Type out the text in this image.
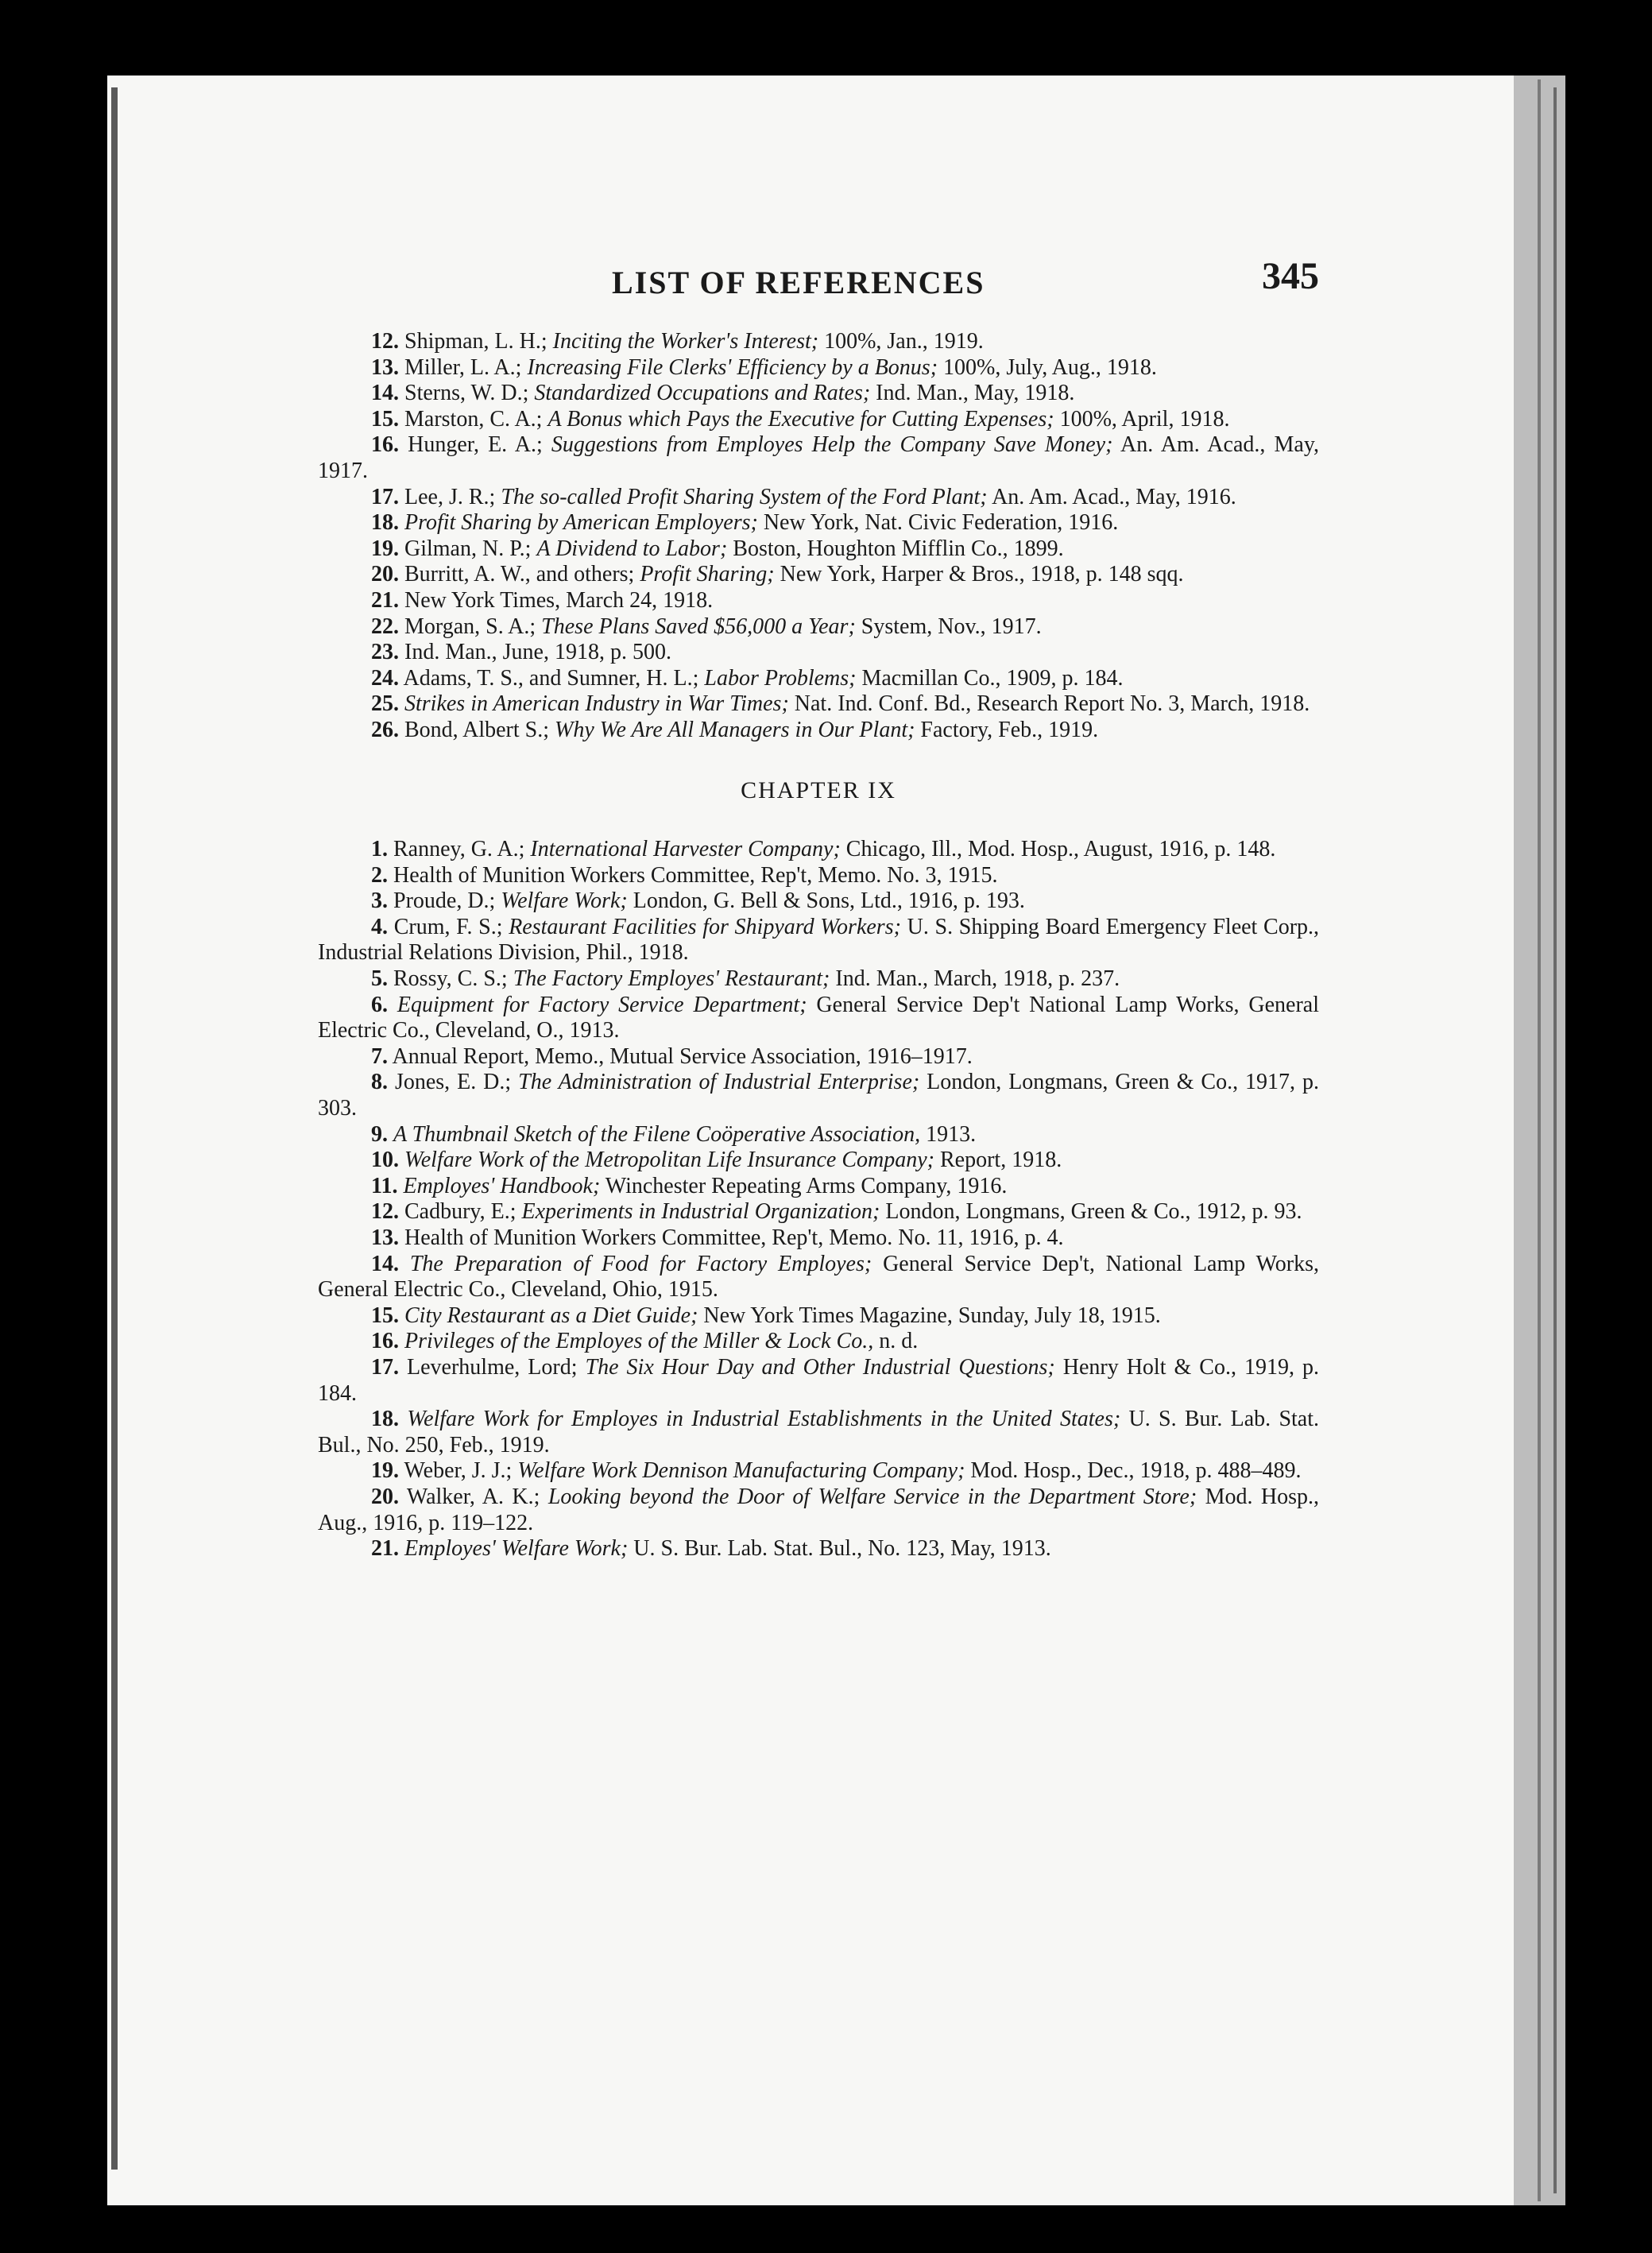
LIST OF REFERENCES	345

12. Shipman, L. H.; Inciting the Worker's Interest; 100%, Jan., 1919.

13. Miller, L. A.; Increasing File Clerks' Efficiency by a Bonus; 100%, July, Aug., 1918.

14. Sterns, W. D.; Standardized Occupations and Rates; Ind. Man., May, 1918.

15. Marston, C. A.; A Bonus which Pays the Executive for Cutting Expenses; 100%, April, 1918.

16. Hunger, E. A.; Suggestions from Employes Help the Company Save Money; An. Am. Acad., May, 1917.

17. Lee, J. R.; The so-called Profit Sharing System of the Ford Plant; An. Am. Acad., May, 1916.

18. Profit Sharing by American Employers; New York, Nat. Civic Federation, 1916.

19. Gilman, N. P.; A Dividend to Labor; Boston, Houghton Mifflin Co., 1899.

20. Burritt, A. W., and others; Profit Sharing; New York, Harper & Bros., 1918, p. 148 sqq.

21. New York Times, March 24, 1918.

22. Morgan, S. A.; These Plans Saved $56,000 a Year; System, Nov., 1917.

23. Ind. Man., June, 1918, p. 500.

24. Adams, T. S., and Sumner, H. L.; Labor Problems; Macmillan Co., 1909, p. 184.

25. Strikes in American Industry in War Times; Nat. Ind. Conf. Bd., Research Report No. 3, March, 1918.

26. Bond, Albert S.; Why We Are All Managers in Our Plant; Factory, Feb., 1919.

CHAPTER IX

1. Ranney, G. A.; International Harvester Company; Chicago, Ill., Mod. Hosp., August, 1916, p. 148.

2. Health of Munition Workers Committee, Rep't, Memo. No. 3, 1915.

3. Proude, D.; Welfare Work; London, G. Bell & Sons, Ltd., 1916, p. 193.

4. Crum, F. S.; Restaurant Facilities for Shipyard Workers; U. S. Shipping Board Emergency Fleet Corp., Industrial Relations Division, Phil., 1918.

5. Rossy, C. S.; The Factory Employes' Restaurant; Ind. Man., March, 1918, p. 237.

6. Equipment for Factory Service Department; General Service Dep't National Lamp Works, General Electric Co., Cleveland, O., 1913.

7. Annual Report, Memo., Mutual Service Association, 1916–1917.

8. Jones, E. D.; The Administration of Industrial Enterprise; London, Longmans, Green & Co., 1917, p. 303.

9. A Thumbnail Sketch of the Filene Coöperative Association, 1913.

10. Welfare Work of the Metropolitan Life Insurance Company; Report, 1918.

11. Employes' Handbook; Winchester Repeating Arms Company, 1916.

12. Cadbury, E.; Experiments in Industrial Organization; London, Longmans, Green & Co., 1912, p. 93.

13. Health of Munition Workers Committee, Rep't, Memo. No. 11, 1916, p. 4.

14. The Preparation of Food for Factory Employes; General Service Dep't, National Lamp Works, General Electric Co., Cleveland, Ohio, 1915.

15. City Restaurant as a Diet Guide; New York Times Magazine, Sunday, July 18, 1915.

16. Privileges of the Employes of the Miller & Lock Co., n. d.

17. Leverhulme, Lord; The Six Hour Day and Other Industrial Questions; Henry Holt & Co., 1919, p. 184.

18. Welfare Work for Employes in Industrial Establishments in the United States; U. S. Bur. Lab. Stat. Bul., No. 250, Feb., 1919.

19. Weber, J. J.; Welfare Work Dennison Manufacturing Company; Mod. Hosp., Dec., 1918, p. 488–489.

20. Walker, A. K.; Looking beyond the Door of Welfare Service in the Department Store; Mod. Hosp., Aug., 1916, p. 119–122.

21. Employes' Welfare Work; U. S. Bur. Lab. Stat. Bul., No. 123, May, 1913.
